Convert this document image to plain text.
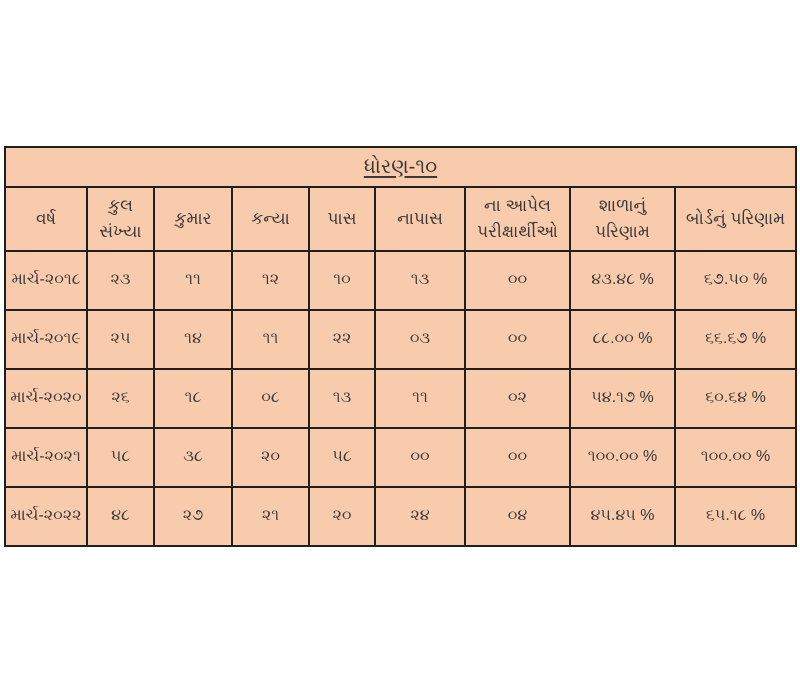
ધોરણ-૧૦								
વર્ષ	કુલ સંખ્યા	કુમાર	કન્યા	પાસ	નાપાસ	ના આપેલ પરીક્ષાર્થીઓ	શાળાનું પરિણામ	બોર્ડનું પરિણામ
માર્ચ-૨૦૧૮	૨૩	૧૧	૧૨	૧૦	૧૩	૦૦	૪૩.૪૮ %	૬૭.૫૦ %
માર્ચ-૨૦૧૯	૨૫	૧૪	૧૧	૨૨	૦૩	૦૦	૮૮.૦૦ %	૬૬.૬૭ %
માર્ચ-૨૦૨૦	૨૬	૧૮	૦૮	૧૩	૧૧	૦૨	૫૪.૧૭ %	૬૦.૬૪ %
માર્ચ-૨૦૨૧	૫૮	૩૮	૨૦	૫૮	૦૦	૦૦	૧૦૦.૦૦ %	૧૦૦.૦૦ %
માર્ચ-૨૦૨૨	૪૮	૨૭	૨૧	૨૦	૨૪	૦૪	૪૫.૪૫ %	૬૫.૧૮ %
